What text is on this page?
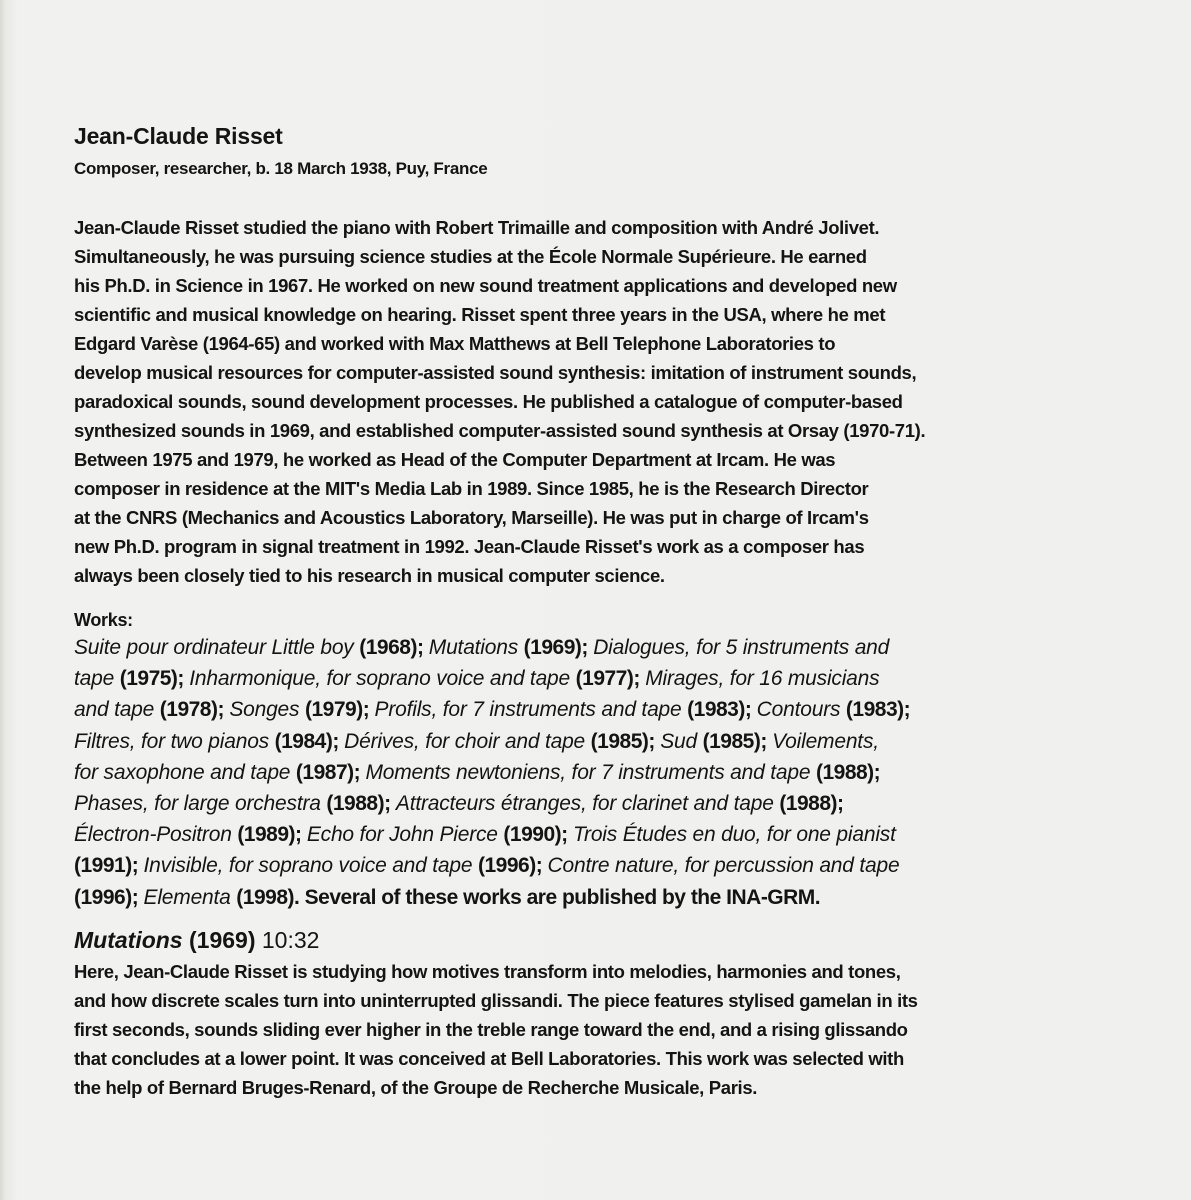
Jean-Claude Risset

Composer, researcher, b. 18 March 1938, Puy, France

Jean-Claude Risset studied the piano with Robert Trimaille and composition with André Jolivet.
Simultaneously, he was pursuing science studies at the École Normale Supérieure. He earned
his Ph.D. in Science in 1967. He worked on new sound treatment applications and developed new
scientific and musical knowledge on hearing. Risset spent three years in the USA, where he met
Edgard Varèse (1964-65) and worked with Max Matthews at Bell Telephone Laboratories to
develop musical resources for computer-assisted sound synthesis: imitation of instrument sounds,
paradoxical sounds, sound development processes. He published a catalogue of computer-based
synthesized sounds in 1969, and established computer-assisted sound synthesis at Orsay (1970-71).
Between 1975 and 1979, he worked as Head of the Computer Department at Ircam. He was
composer in residence at the MIT's Media Lab in 1989. Since 1985, he is the Research Director
at the CNRS (Mechanics and Acoustics Laboratory, Marseille). He was put in charge of Ircam's
new Ph.D. program in signal treatment in 1992. Jean-Claude Risset's work as a composer has
always been closely tied to his research in musical computer science.
Works:
Suite pour ordinateur Little boy (1968); Mutations (1969); Dialogues, for 5 instruments and
tape (1975); Inharmonique, for soprano voice and tape (1977); Mirages, for 16 musicians
and tape (1978); Songes (1979); Profils, for 7 instruments and tape (1983); Contours (1983);
Filtres, for two pianos (1984); Dérives, for choir and tape (1985); Sud (1985); Voilements,
for saxophone and tape (1987); Moments newtoniens, for 7 instruments and tape (1988);
Phases, for large orchestra (1988); Attracteurs étranges, for clarinet and tape (1988);
Électron-Positron (1989); Echo for John Pierce (1990); Trois Études en duo, for one pianist
(1991); Invisible, for soprano voice and tape (1996); Contre nature, for percussion and tape
(1996); Elementa (1998). Several of these works are published by the INA-GRM.
Mutations (1969) 10:32
Here, Jean-Claude Risset is studying how motives transform into melodies, harmonies and tones,
and how discrete scales turn into uninterrupted glissandi. The piece features stylised gamelan in its
first seconds, sounds sliding ever higher in the treble range toward the end, and a rising glissando
that concludes at a lower point. It was conceived at Bell Laboratories. This work was selected with
the help of Bernard Bruges-Renard, of the Groupe de Recherche Musicale, Paris.
